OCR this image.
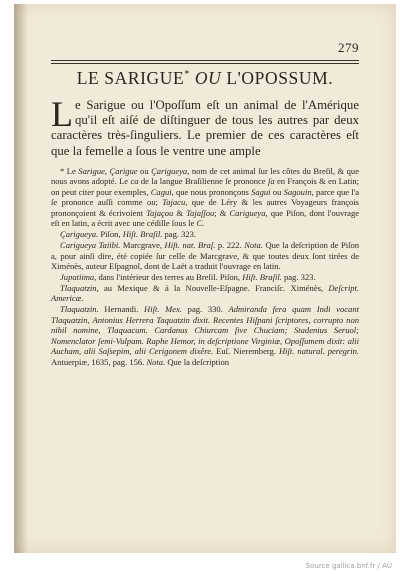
279
LE SARIGUE* OU L'OPOSSUM.
Le Sarigue ou l'Opoſſum eſt un animal de l'Amérique qu'il eſt aiſé de diſtinguer de tous les autres par deux caractères très-ſinguliers. Le premier de ces caractères eſt que la femelle a ſous le ventre une ample

* Le Sarigue, Çarigue ou Çarigueya, nom de cet animal ſur les côtes du Breſil, & que nous avons adopté. Le ca de la langue Braſilienne ſe prononce ſa en François & en Latin; on peut citer pour exemples, Cagui, que nous prononçons Sagui ou Sagouin, parce que l'a ſe prononce auſſi comme ou; Tajacu, que de Léry & les autres Voyageurs françois prononçoient & écrivoient Tajaçou & Tajaſſou; & Carigueya, que Piſon, dont l'ouvrage eſt en latin, a écrit avec une cédille ſous le C.

Çarigueya. Piſon, Hiſt. Braſil. pag. 323.

Carigueya Taiibi. Marcgrave, Hiſt. nat. Braſ. p. 222. Nota. Que la deſcription de Piſon a, pour ainſi dire, été copiée ſur celle de Marcgrave, & que toutes deux ſont tirées de Ximénès, auteur Eſpagnol, dont de Laët a traduit l'ouvrage en latin.

Jupatiima, dans l'intérieur des terres au Breſil. Piſon, Hiſt. Braſil. pag. 323.

Tlaquatzin, au Mexique & à la Nouvelle-Eſpagne. Franciſc. Ximénès, Deſcript. Americæ.

Tlaquatzin. Hernandi. Hiſt. Mex. pag. 330. Admiranda fera quam Indi vocant Tlaquatzin, Antonius Herrera Taquatzin dixit. Recentes Hiſpani ſcriptores, corrupto non nihil nomine, Tlaquacum. Cardanus Chiurcam ſive Chuciam; Stadenius Seruol; Nomenclator ſemi-Vulpam. Raphe Hemor, in deſcriptione Virginiæ, Opoſſumem dixit: alii Aucham, alii Saſsepim, alii Cerigonem dixêre. Euſ. Nieremberg. Hiſt. natural. peregrin. Antuerpiæ, 1635, pag. 156. Nota. Que la deſcription

Source gallica.bnf.fr / AU
